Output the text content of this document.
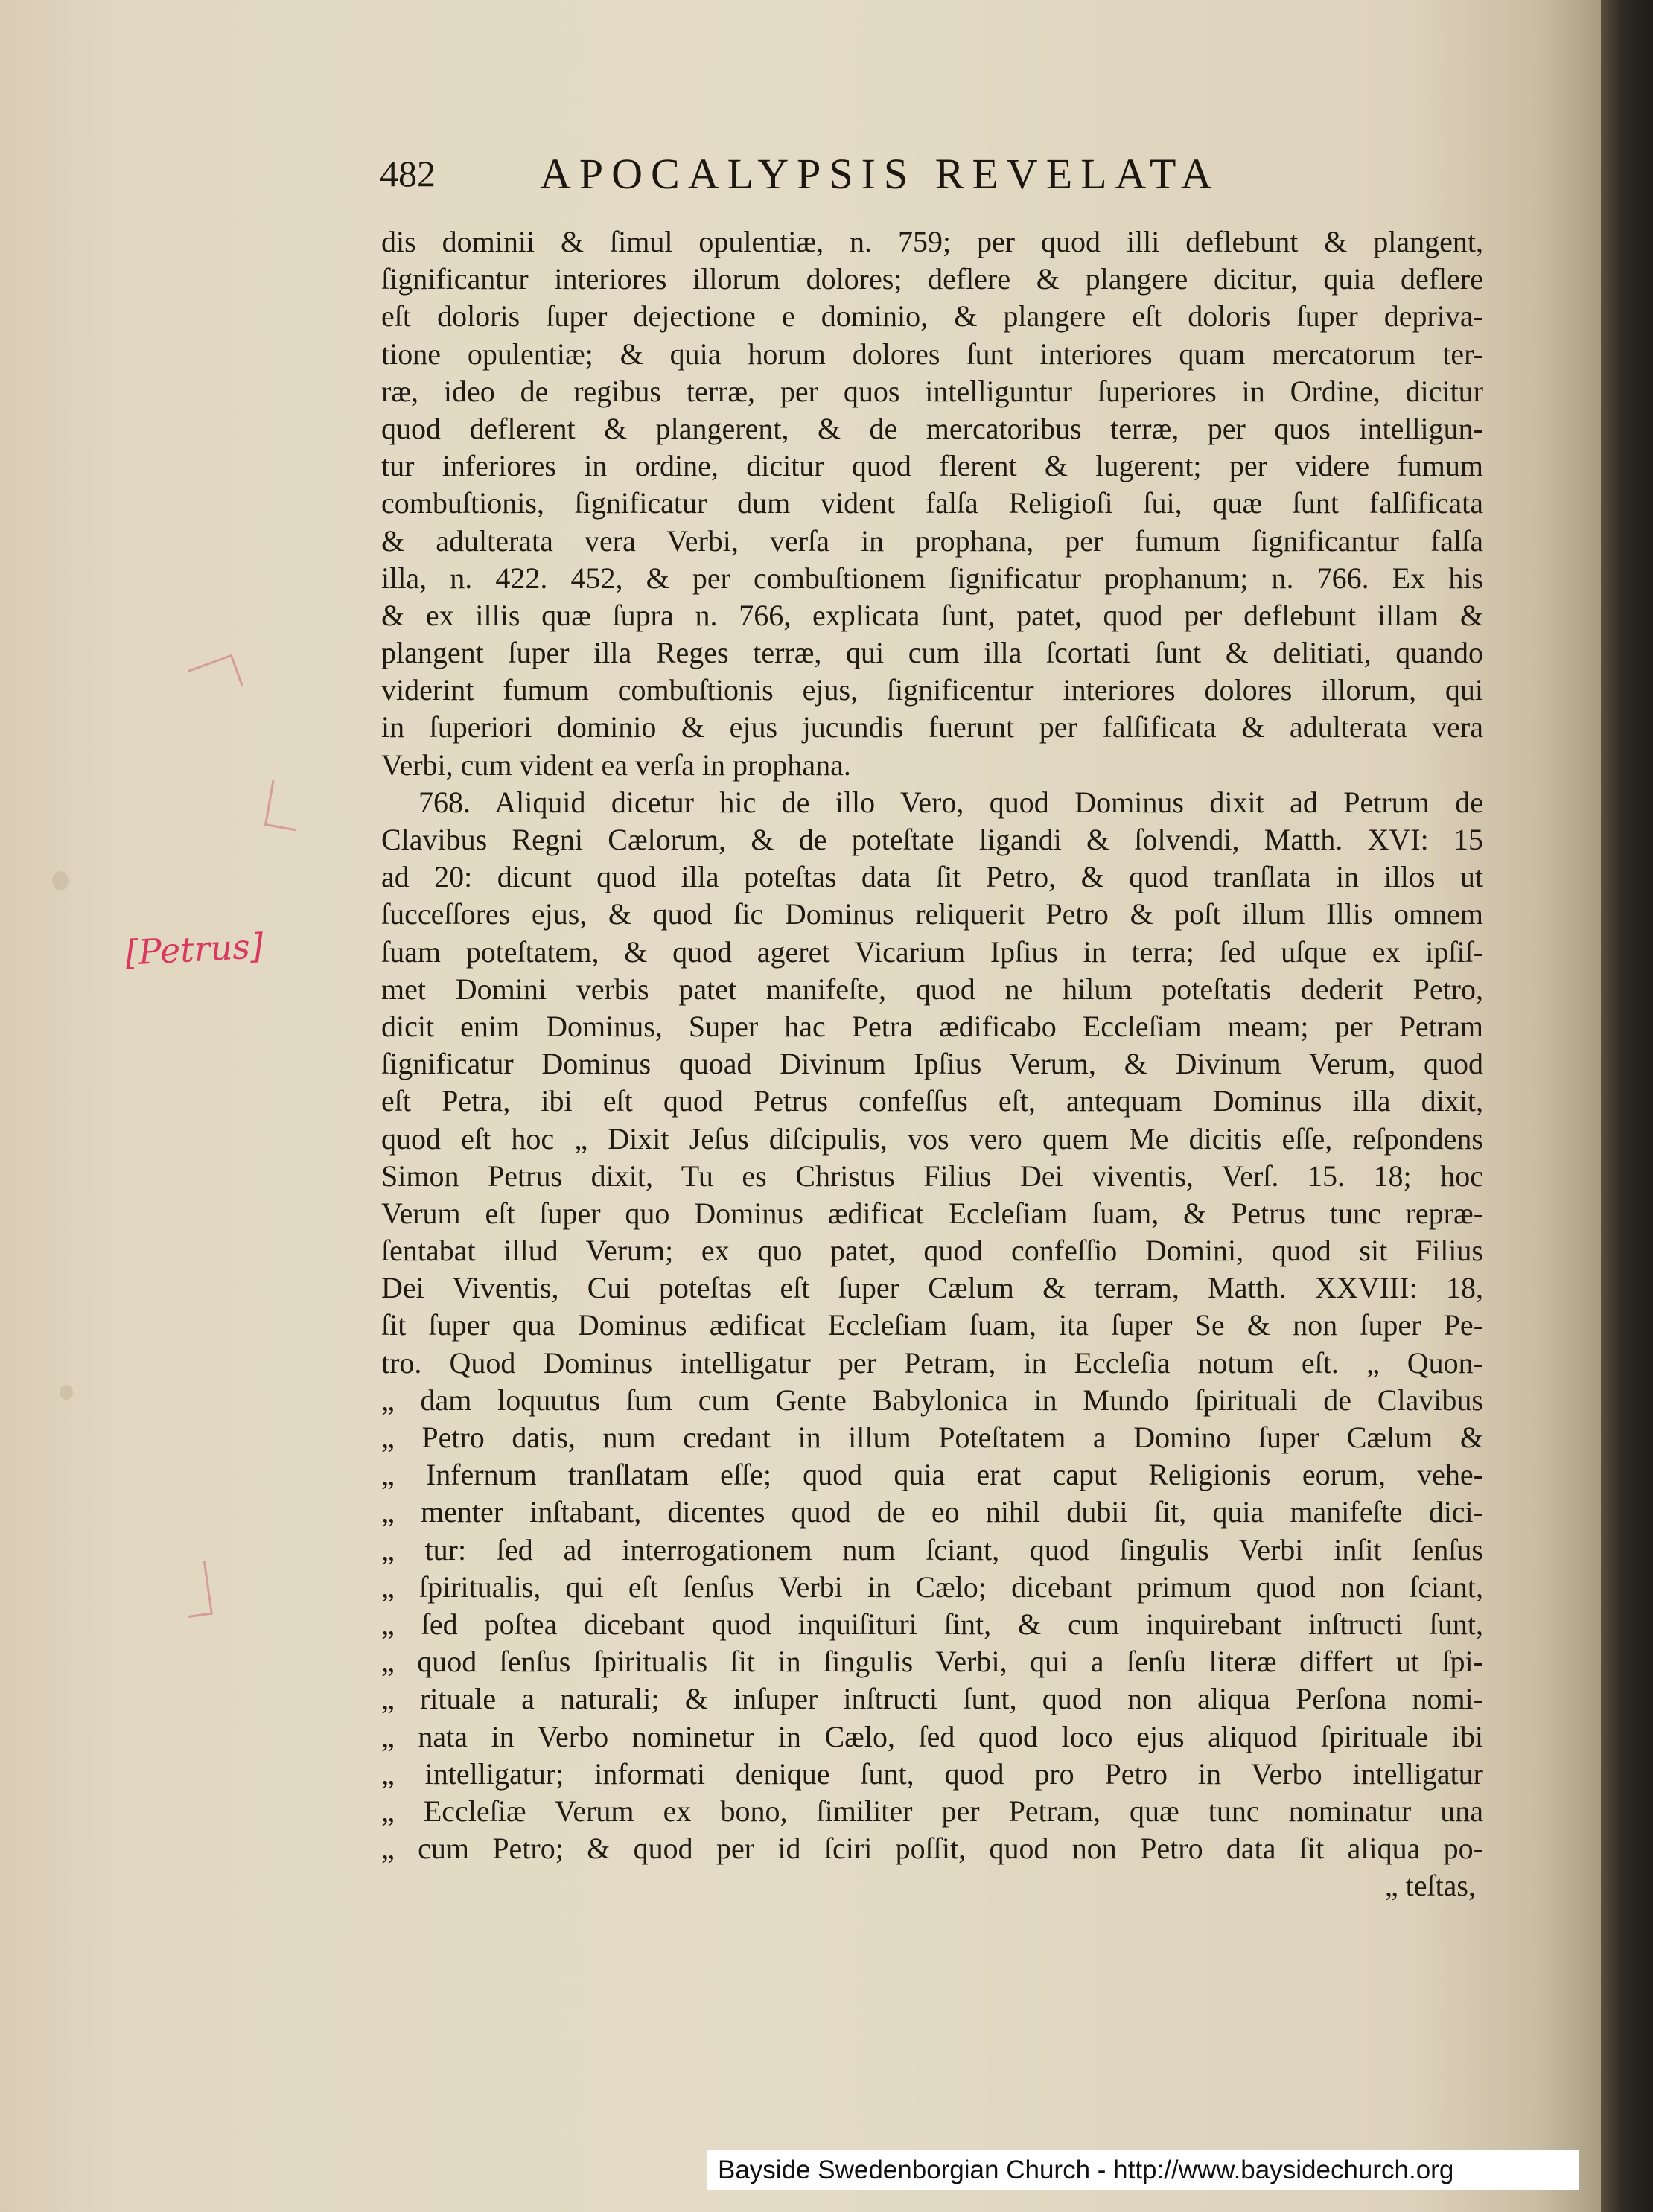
482 APOCALYPSIS REVELATA
[Petrus]
dis dominii & ſimul opulentiæ, n. 759; per quod illi deflebunt & plangent,
ſignificantur interiores illorum dolores; deflere & plangere dicitur, quia deflere
eſt doloris ſuper dejectione e dominio, & plangere eſt doloris ſuper depriva-
tione opulentiæ; & quia horum dolores ſunt interiores quam mercatorum ter-
ræ, ideo de regibus terræ, per quos intelliguntur ſuperiores in Ordine, dicitur
quod deflerent & plangerent, & de mercatoribus terræ, per quos intelligun-
tur inferiores in ordine, dicitur quod flerent & lugerent; per videre fumum
combuſtionis, ſignificatur dum vident falſa Religioſi ſui, quæ ſunt falſificata
& adulterata vera Verbi, verſa in prophana, per fumum ſignificantur falſa
illa, n. 422. 452, & per combuſtionem ſignificatur prophanum; n. 766. Ex his
& ex illis quæ ſupra n. 766, explicata ſunt, patet, quod per deflebunt illam &
plangent ſuper illa Reges terræ, qui cum illa ſcortati ſunt & delitiati, quando
viderint fumum combuſtionis ejus, ſignificentur interiores dolores illorum, qui
in ſuperiori dominio & ejus jucundis fuerunt per falſificata & adulterata vera
Verbi, cum vident ea verſa in prophana.
768. Aliquid dicetur hic de illo Vero, quod Dominus dixit ad Petrum de
Clavibus Regni Cælorum, & de poteſtate ligandi & ſolvendi, Matth. XVI: 15
ad 20: dicunt quod illa poteſtas data ſit Petro, & quod tranſlata in illos ut
ſucceſſores ejus, & quod ſic Dominus reliquerit Petro & poſt illum Illis omnem
ſuam poteſtatem, & quod ageret Vicarium Ipſius in terra; ſed uſque ex ipſiſ-
met Domini verbis patet manifeſte, quod ne hilum poteſtatis dederit Petro,
dicit enim Dominus, Super hac Petra ædificabo Eccleſiam meam; per Petram
ſignificatur Dominus quoad Divinum Ipſius Verum, & Divinum Verum, quod
eſt Petra, ibi eſt quod Petrus confeſſus eſt, antequam Dominus illa dixit,
quod eſt hoc „ Dixit Jeſus diſcipulis, vos vero quem Me dicitis eſſe, reſpondens
Simon Petrus dixit, Tu es Christus Filius Dei viventis, Verſ. 15. 18; hoc
Verum eſt ſuper quo Dominus ædificat Eccleſiam ſuam, & Petrus tunc repræ-
ſentabat illud Verum; ex quo patet, quod confeſſio Domini, quod sit Filius
Dei Viventis, Cui poteſtas eſt ſuper Cælum & terram, Matth. XXVIII: 18,
ſit ſuper qua Dominus ædificat Eccleſiam ſuam, ita ſuper Se & non ſuper Pe-
tro. Quod Dominus intelligatur per Petram, in Eccleſia notum eſt. „ Quon-
„ dam loquutus ſum cum Gente Babylonica in Mundo ſpirituali de Clavibus
„ Petro datis, num credant in illum Poteſtatem a Domino ſuper Cælum &
„ Infernum tranſlatam eſſe; quod quia erat caput Religionis eorum, vehe-
„ menter inſtabant, dicentes quod de eo nihil dubii ſit, quia manifeſte dici-
„ tur: ſed ad interrogationem num ſciant, quod ſingulis Verbi inſit ſenſus
„ ſpiritualis, qui eſt ſenſus Verbi in Cælo; dicebant primum quod non ſciant,
„ ſed poſtea dicebant quod inquiſituri ſint, & cum inquirebant inſtructi ſunt,
„ quod ſenſus ſpiritualis ſit in ſingulis Verbi, qui a ſenſu literæ differt ut ſpi-
„ rituale a naturali; & inſuper inſtructi ſunt, quod non aliqua Perſona nomi-
„ nata in Verbo nominetur in Cælo, ſed quod loco ejus aliquod ſpirituale ibi
„ intelligatur; informati denique ſunt, quod pro Petro in Verbo intelligatur
„ Eccleſiæ Verum ex bono, ſimiliter per Petram, quæ tunc nominatur una
„ cum Petro; & quod per id ſciri poſſit, quod non Petro data ſit aliqua po-
„ teſtas,
Bayside Swedenborgian Church - http://www.baysidechurch.org
